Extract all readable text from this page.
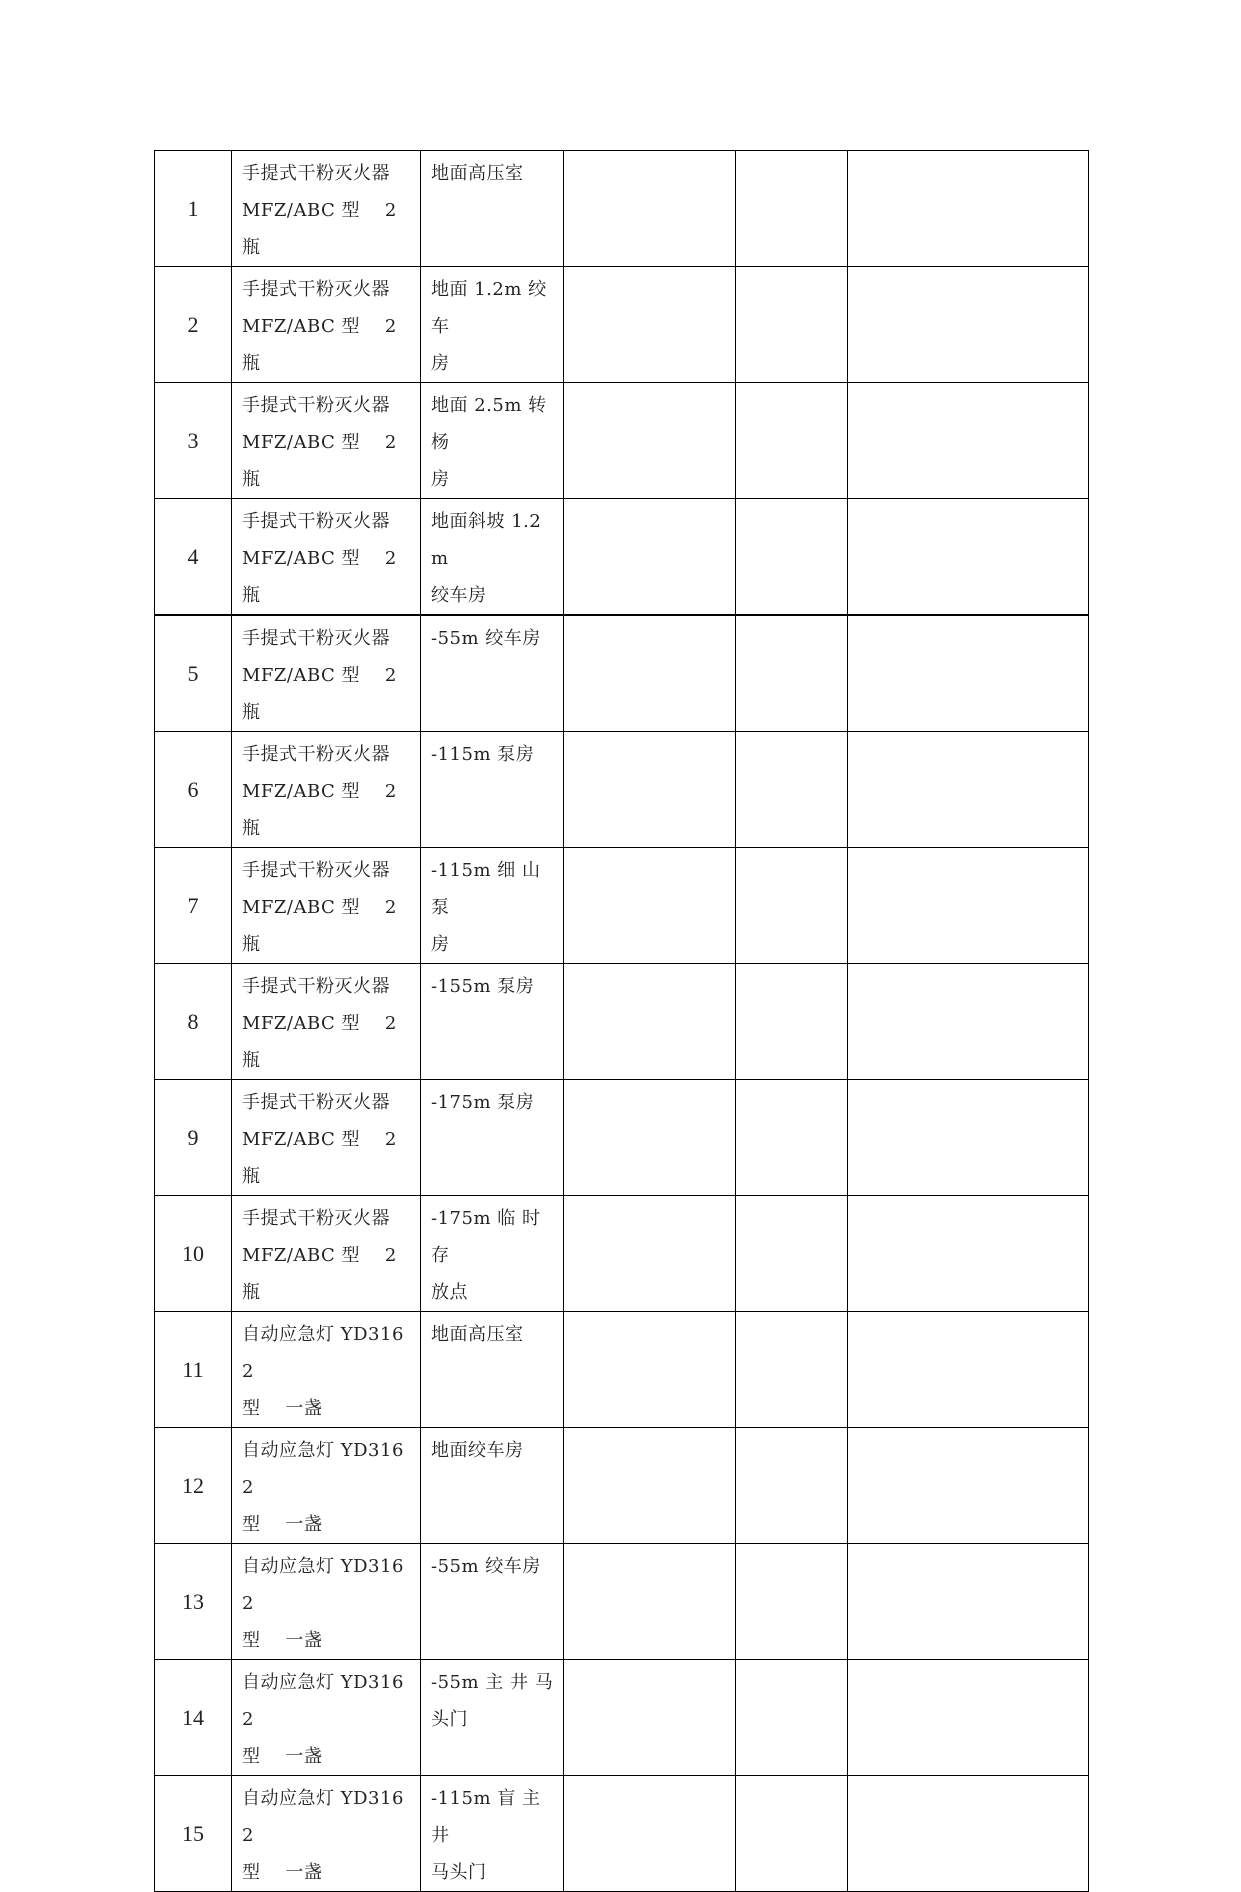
1	手提式干粉灭火器
MFZ/ABC 型    2 瓶	地面高压室			
2	手提式干粉灭火器
MFZ/ABC 型    2 瓶	地面 1.2m 绞车
房			
3	手提式干粉灭火器
MFZ/ABC 型    2 瓶	地面 2.5m 转杨
房			
4	手提式干粉灭火器
MFZ/ABC 型    2 瓶	地面斜坡 1.2m
绞车房			
5	手提式干粉灭火器
MFZ/ABC 型    2 瓶	-55m 绞车房			
6	手提式干粉灭火器
MFZ/ABC 型    2 瓶	-115m 泵房			
7	手提式干粉灭火器
MFZ/ABC 型    2 瓶	-115m 细 山 泵
房			
8	手提式干粉灭火器
MFZ/ABC 型    2 瓶	-155m 泵房			
9	手提式干粉灭火器
MFZ/ABC 型    2 瓶	-175m 泵房			
10	手提式干粉灭火器
MFZ/ABC 型    2 瓶	-175m 临 时 存
放点			
11	自动应急灯 YD3162
型    一盏	地面高压室			
12	自动应急灯 YD3162
型    一盏	地面绞车房			
13	自动应急灯 YD3162
型    一盏	-55m 绞车房			
14	自动应急灯 YD3162
型    一盏	-55m 主 井 马
头门			
15	自动应急灯 YD3162
型    一盏	-115m 盲 主 井
马头门			
